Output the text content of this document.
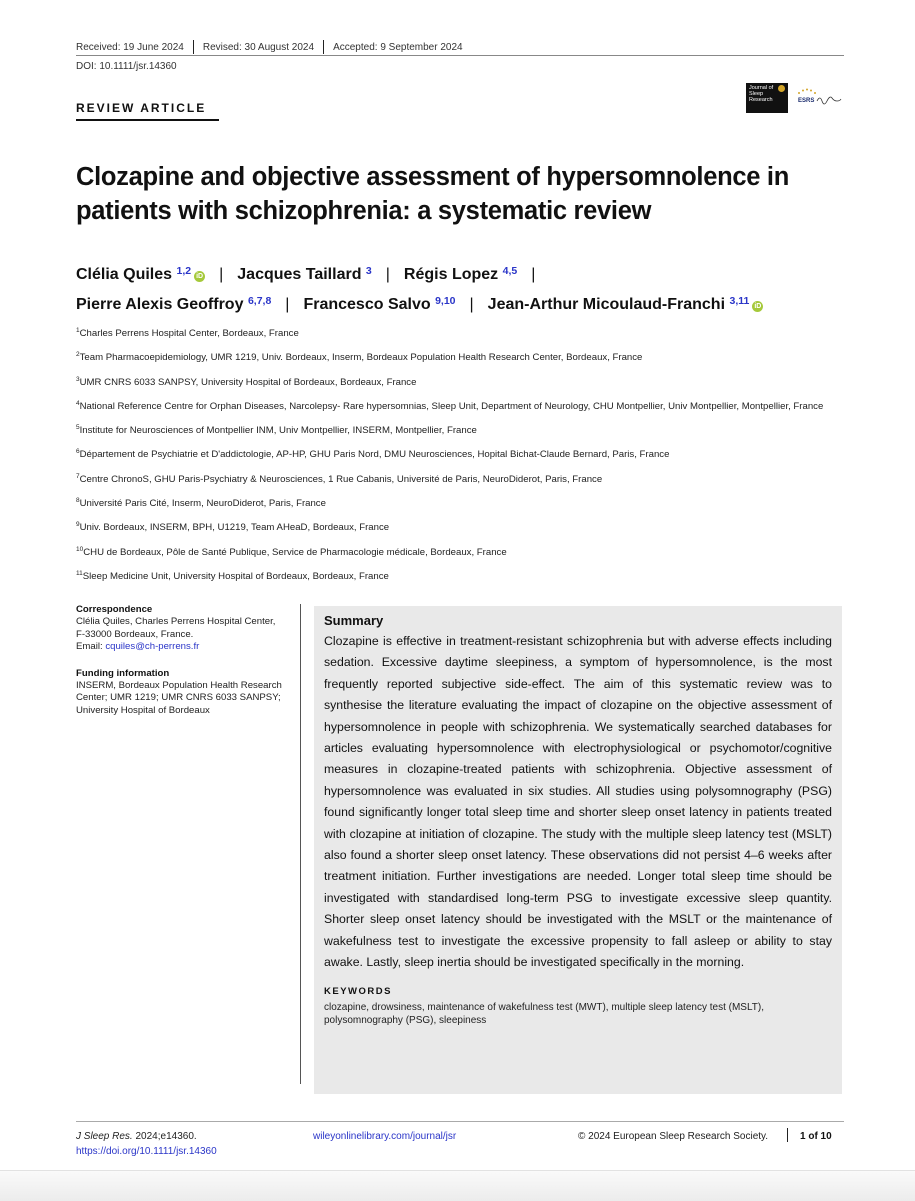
Received: 19 June 2024 Revised: 30 August 2024 Accepted: 9 September 2024
DOI: 10.1111/jsr.14360
REVIEW ARTICLE
Journal of Sleep Research	ESRS
Clozapine and objective assessment of hypersomnolence in patients with schizophrenia: a systematic review
Clélia Quiles $^{1,2}$ iD | Jacques Taillard $^3$ | Régis Lopez $^{4,5}$ |
Pierre Alexis Geoffroy $^{6,7,8}$ | Francesco Salvo $^{9,10}$ | Jean-Arthur Micoulaud-Franchi $^{3,11}$ iD
$^1$Charles Perrens Hospital Center, Bordeaux, France
$^2$Team Pharmacoepidemiology, UMR 1219, Univ. Bordeaux, Inserm, Bordeaux Population Health Research Center, Bordeaux, France
$^3$UMR CNRS 6033 SANPSY, University Hospital of Bordeaux, Bordeaux, France
$^4$National Reference Centre for Orphan Diseases, Narcolepsy- Rare hypersomnias, Sleep Unit, Department of Neurology, CHU Montpellier, Univ Montpellier, Montpellier, France
$^5$Institute for Neurosciences of Montpellier INM, Univ Montpellier, INSERM, Montpellier, France
$^6$Département de Psychiatrie et D'addictologie, AP-HP, GHU Paris Nord, DMU Neurosciences, Hopital Bichat-Claude Bernard, Paris, France
$^7$Centre ChronoS, GHU Paris-Psychiatry & Neurosciences, 1 Rue Cabanis, Université de Paris, NeuroDiderot, Paris, France
$^8$Université Paris Cité, Inserm, NeuroDiderot, Paris, France
$^9$Univ. Bordeaux, INSERM, BPH, U1219, Team AHeaD, Bordeaux, France
$^{10}$CHU de Bordeaux, Pôle de Santé Publique, Service de Pharmacologie médicale, Bordeaux, France
$^{11}$Sleep Medicine Unit, University Hospital of Bordeaux, Bordeaux, France
Correspondence
Clélia Quiles, Charles Perrens Hospital Center,
F-33000 Bordeaux, France.
Email: cquiles@ch-perrens.fr
Funding information
INSERM, Bordeaux Population Health Research Center; UMR 1219; UMR CNRS 6033 SANPSY; University Hospital of Bordeaux
Summary
Clozapine is effective in treatment-resistant schizophrenia but with adverse effects including sedation. Excessive daytime sleepiness, a symptom of hypersomnolence, is the most frequently reported subjective side-effect. The aim of this systematic review was to synthesise the literature evaluating the impact of clozapine on the objective assessment of hypersomnolence in people with schizophrenia. We systematically searched databases for articles evaluating hypersomnolence with electrophysiological or psychomotor/cognitive measures in clozapine-treated patients with schizophrenia. Objective assessment of hypersomnolence was evaluated in six studies. All studies using polysomnography (PSG) found significantly longer total sleep time and shorter sleep onset latency in patients treated with clozapine at initiation of clozapine. The study with the multiple sleep latency test (MSLT) also found a shorter sleep onset latency. These observations did not persist 4–6 weeks after treatment initiation. Further investigations are needed. Longer total sleep time should be investigated with standardised long-term PSG to investigate excessive sleep quantity. Shorter sleep onset latency should be investigated with the MSLT or the maintenance of wakefulness test to investigate the excessive propensity to fall asleep or ability to stay awake. Lastly, sleep inertia should be investigated specifically in the morning.
KEYWORDS
clozapine, drowsiness, maintenance of wakefulness test (MWT), multiple sleep latency test (MSLT), polysomnography (PSG), sleepiness
J Sleep Res. 2024;e14360.
https://doi.org/10.1111/jsr.14360
wileyonlinelibrary.com/journal/jsr	© 2024 European Sleep Research Society.	1 of 10
